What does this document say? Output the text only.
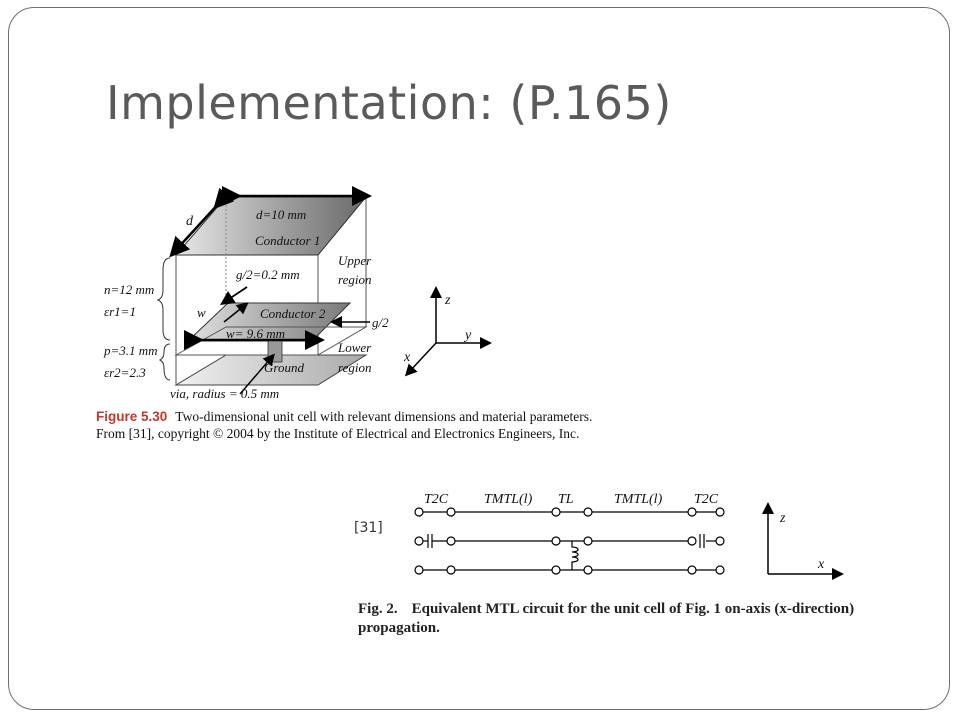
Implementation: (P.165)
d=10 mm
d
Conductor 1
Upper region
g/2=0.2 mm
n=12 mm
εr1=1	w	Conductor 2
g/2
w= 9.6 mm
p=3.1 mm
εr2=2.3
Lower region
Ground
via, radius = 0.5 mm
z
y
x
T2C	TMTL(l) TL	TMTL(l) T2C
z
x
Figure 5.30 Two-dimensional unit cell with relevant dimensions and material parameters. From [31], copyright © 2004 by the Institute of Electrical and Electronics Engineers, Inc.
[31]
Fig. 2. Equivalent MTL circuit for the unit cell of Fig. 1 on-axis (x-direction) propagation.
